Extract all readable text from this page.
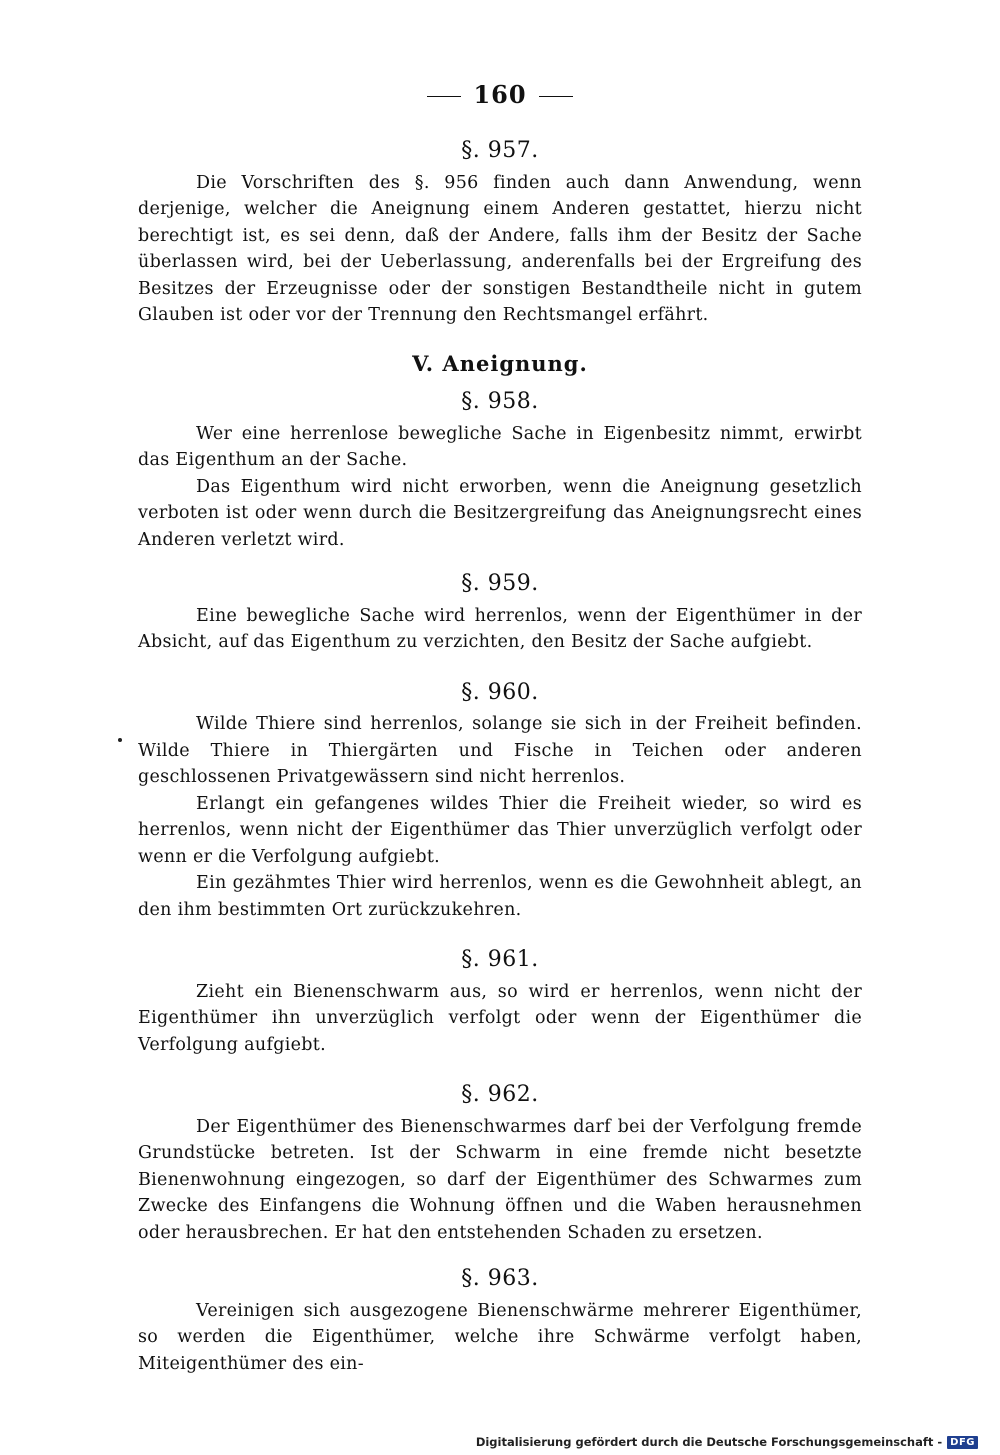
160

§. 957.

Die Vorschriften des §. 956 finden auch dann Anwendung, wenn derjenige, welcher die Aneignung einem Anderen gestattet, hierzu nicht berechtigt ist, es sei denn, daß der Andere, falls ihm der Besitz der Sache überlassen wird, bei der Ueberlassung, anderenfalls bei der Ergreifung des Besitzes der Erzeugnisse oder der sonstigen Bestandtheile nicht in gutem Glauben ist oder vor der Trennung den Rechtsmangel erfährt.

V. Aneignung.

§. 958.

Wer eine herrenlose bewegliche Sache in Eigenbesitz nimmt, erwirbt das Eigenthum an der Sache.

Das Eigenthum wird nicht erworben, wenn die Aneignung gesetzlich verboten ist oder wenn durch die Besitzergreifung das Aneignungsrecht eines Anderen verletzt wird.

§. 959.

Eine bewegliche Sache wird herrenlos, wenn der Eigenthümer in der Absicht, auf das Eigenthum zu verzichten, den Besitz der Sache aufgiebt.

§. 960.

Wilde Thiere sind herrenlos, solange sie sich in der Freiheit befinden. Wilde Thiere in Thiergärten und Fische in Teichen oder anderen geschlossenen Privatgewässern sind nicht herrenlos.

Erlangt ein gefangenes wildes Thier die Freiheit wieder, so wird es herrenlos, wenn nicht der Eigenthümer das Thier unverzüglich verfolgt oder wenn er die Verfolgung aufgiebt.

Ein gezähmtes Thier wird herrenlos, wenn es die Gewohnheit ablegt, an den ihm bestimmten Ort zurückzukehren.

§. 961.

Zieht ein Bienenschwarm aus, so wird er herrenlos, wenn nicht der Eigenthümer ihn unverzüglich verfolgt oder wenn der Eigenthümer die Verfolgung aufgiebt.

§. 962.

Der Eigenthümer des Bienenschwarmes darf bei der Verfolgung fremde Grundstücke betreten. Ist der Schwarm in eine fremde nicht besetzte Bienenwohnung eingezogen, so darf der Eigenthümer des Schwarmes zum Zwecke des Einfangens die Wohnung öffnen und die Waben herausnehmen oder herausbrechen. Er hat den entstehenden Schaden zu ersetzen.

§. 963.

Vereinigen sich ausgezogene Bienenschwärme mehrerer Eigenthümer, so werden die Eigenthümer, welche ihre Schwärme verfolgt haben, Miteigenthümer des ein-

Digitalisierung gefördert durch die Deutsche Forschungsgemeinschaft - DFG
